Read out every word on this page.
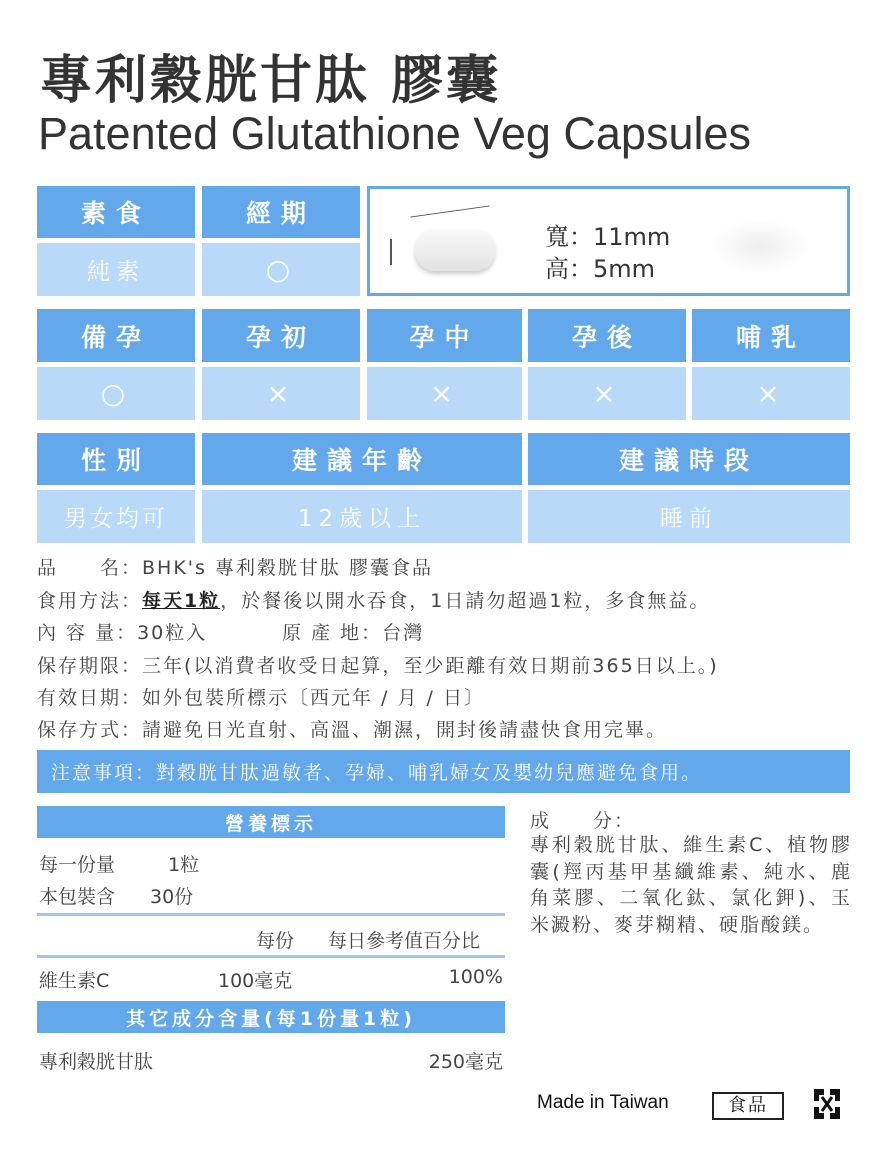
專利穀胱甘肽 膠囊
Patented Glutathione Veg Capsules
素食	經期
純素	○
寬：11mm
高：5mm
備孕	孕初	孕中	孕後	哺乳
○	×	×	×	×
性別	建議年齡	建議時段
男女均可	12歲以上	睡前
品　　名：BHK's 專利穀胱甘肽 膠囊食品
食用方法：每天1粒，於餐後以開水吞食，1日請勿超過1粒，多食無益。
內 容 量：30粒入	原 產 地：台灣
保存期限：三年(以消費者收受日起算，至少距離有效日期前365日以上。)
有效日期：如外包裝所標示〔西元年 / 月 / 日〕
保存方式：請避免日光直射、高溫、潮濕，開封後請盡快食用完畢。
注意事項：對穀胱甘肽過敏者、孕婦、哺乳婦女及嬰幼兒應避免食用。
營養標示
每一份量	1粒
本包裝含 30份
每份 每日參考值百分比
維生素C	100毫克	100%
其它成分含量(每1份量1粒)
專利穀胱甘肽	250毫克
成　　分：
專利穀胱甘肽、維生素C、植物膠囊(羥丙基甲基纖維素、純水、鹿角菜膠、二氧化鈦、氯化鉀)、玉米澱粉、麥芽糊精、硬脂酸鎂。
Made in Taiwan	食品
